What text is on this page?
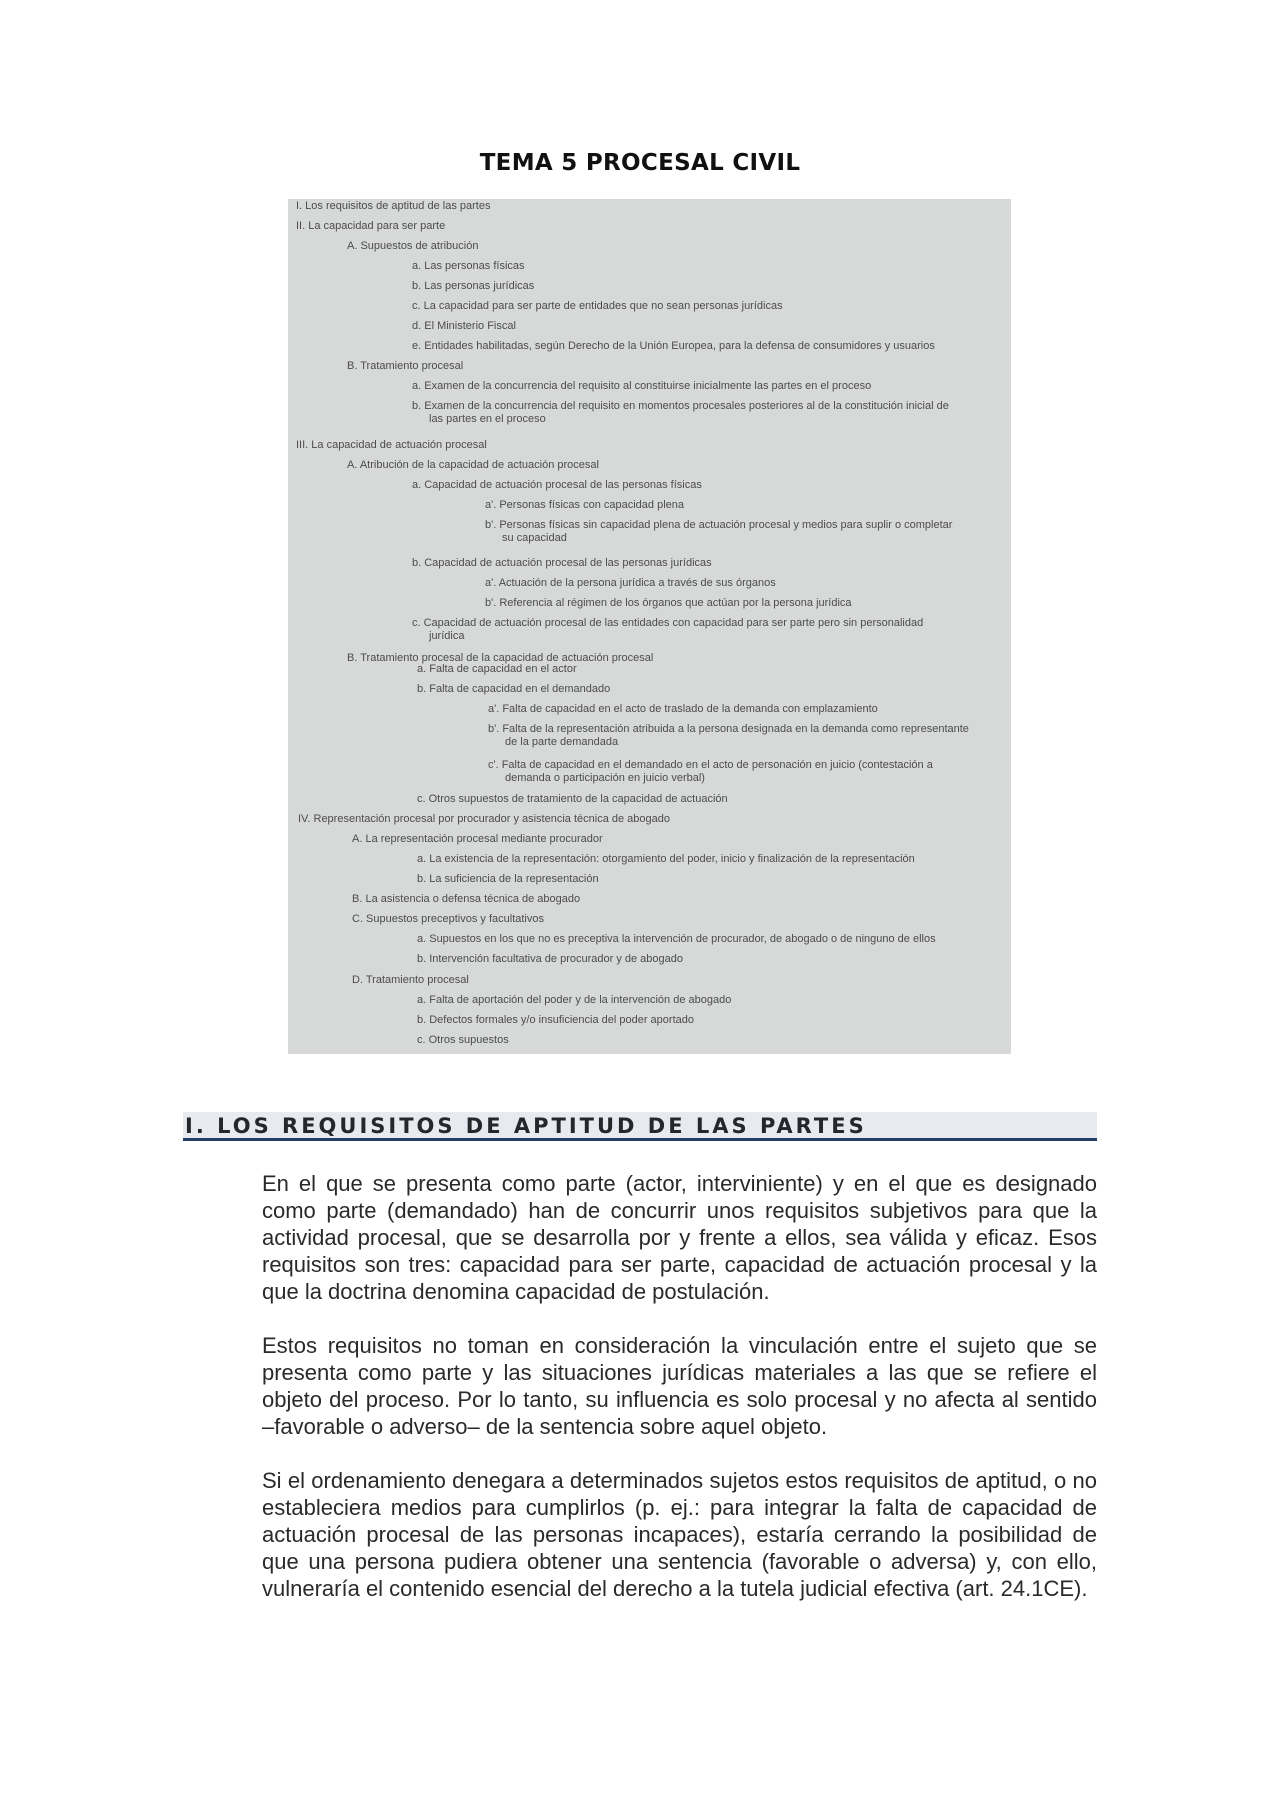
TEMA 5 PROCESAL CIVIL
I. Los requisitos de aptitud de las partes
II. La capacidad para ser parte
A. Supuestos de atribución
a. Las personas físicas
b. Las personas jurídicas
c. La capacidad para ser parte de entidades que no sean personas jurídicas
d. El Ministerio Fiscal
e. Entidades habilitadas, según Derecho de la Unión Europea, para la defensa de consumidores y usuarios
B. Tratamiento procesal
a. Examen de la concurrencia del requisito al constituirse inicialmente las partes en el proceso
b. Examen de la concurrencia del requisito en momentos procesales posteriores al de la constitución inicial de
las partes en el proceso
III. La capacidad de actuación procesal
A. Atribución de la capacidad de actuación procesal
a. Capacidad de actuación procesal de las personas físicas
a'. Personas físicas con capacidad plena
b'. Personas físicas sin capacidad plena de actuación procesal y medios para suplir o completar
su capacidad
b. Capacidad de actuación procesal de las personas jurídicas
a'. Actuación de la persona jurídica a través de sus órganos
b'. Referencia al régimen de los órganos que actúan por la persona jurídica
c. Capacidad de actuación procesal de las entidades con capacidad para ser parte pero sin personalidad
jurídica
B. Tratamiento procesal de la capacidad de actuación procesal
a. Falta de capacidad en el actor
b. Falta de capacidad en el demandado
a'. Falta de capacidad en el acto de traslado de la demanda con emplazamiento
b'. Falta de la representación atribuida a la persona designada en la demanda como representante
de la parte demandada
c'. Falta de capacidad en el demandado en el acto de personación en juicio (contestación a
demanda o participación en juicio verbal)
c. Otros supuestos de tratamiento de la capacidad de actuación
IV. Representación procesal por procurador y asistencia técnica de abogado
A. La representación procesal mediante procurador
a. La existencia de la representación: otorgamiento del poder, inicio y finalización de la representación
b. La suficiencia de la representación
B. La asistencia o defensa técnica de abogado
C. Supuestos preceptivos y facultativos
a. Supuestos en los que no es preceptiva la intervención de procurador, de abogado o de ninguno de ellos
b. Intervención facultativa de procurador y de abogado
D. Tratamiento procesal
a. Falta de aportación del poder y de la intervención de abogado
b. Defectos formales y/o insuficiencia del poder aportado
c. Otros supuestos
I. LOS REQUISITOS DE APTITUD DE LAS PARTES

En el que se presenta como parte (actor, interviniente) y en el que es designado como parte (demandado) han de concurrir unos requisitos subjetivos para que la actividad procesal, que se desarrolla por y frente a ellos, sea válida y eficaz. Esos requisitos son tres: capacidad para ser parte, capacidad de actuación procesal y la que la doctrina denomina capacidad de postulación.

Estos requisitos no toman en consideración la vinculación entre el sujeto que se presenta como parte y las situaciones jurídicas materiales a las que se refiere el objeto del proceso. Por lo tanto, su influencia es solo procesal y no afecta al sentido –favorable o adverso– de la sentencia sobre aquel objeto.

Si el ordenamiento denegara a determinados sujetos estos requisitos de aptitud, o no estableciera medios para cumplirlos (p. ej.: para integrar la falta de capacidad de actuación procesal de las personas incapaces), estaría cerrando la posibilidad de que una persona pudiera obtener una sentencia (favorable o adversa) y, con ello, vulneraría el contenido esencial del derecho a la tutela judicial efectiva (art. 24.1CE).
